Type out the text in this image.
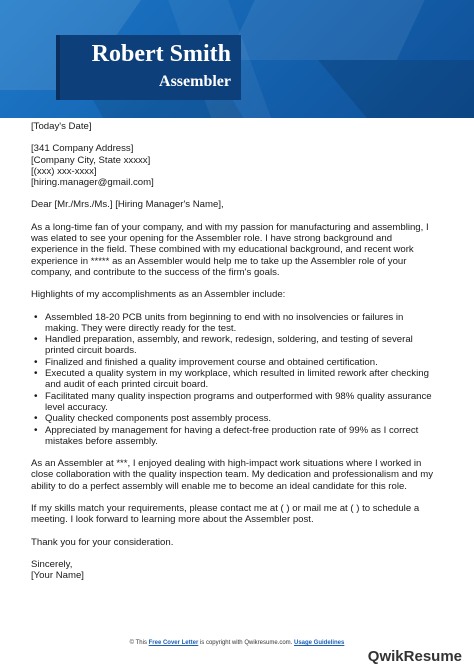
Robert Smith
Assembler

[Today's Date]

[341 Company Address]

[Company City, State xxxxx]

[(xxx) xxx-xxxx]

[hiring.manager@gmail.com]

Dear [Mr./Mrs./Ms.] [Hiring Manager's Name],

As a long-time fan of your company, and with my passion for manufacturing and assembling, I

was elated to see your opening for the Assembler role. I have strong background and

experience in the field. These combined with my educational background, and recent work

experience in ***** as an Assembler would help me to take up the Assembler role of your

company, and contribute to the success of the firm's goals.

Highlights of my accomplishments as an Assembler include:

• Assembled 18-20 PCB units from beginning to end with no insolvencies or failures in

making. They were directly ready for the test.

• Handled preparation, assembly, and rework, redesign, soldering, and testing of several

printed circuit boards.

• Finalized and finished a quality improvement course and obtained certification.

• Executed a quality system in my workplace, which resulted in limited rework after checking

and audit of each printed circuit board.

• Facilitated many quality inspection programs and outperformed with 98% quality assurance

level accuracy.

• Quality checked components post assembly process.

• Appreciated by management for having a defect-free production rate of 99% as I correct

mistakes before assembly.

As an Assembler at ***, I enjoyed dealing with high-impact work situations where I worked in

close collaboration with the quality inspection team. My dedication and professionalism and my

ability to do a perfect assembly will enable me to become an ideal candidate for this role.

If my skills match your requirements, please contact me at ( ) or mail me at ( ) to schedule a

meeting. I look forward to learning more about the Assembler post.

Thank you for your consideration.

Sincerely,

[Your Name]

© This Free Cover Letter is copyright with Qwikresume.com. Usage Guidelines
QwikResume
